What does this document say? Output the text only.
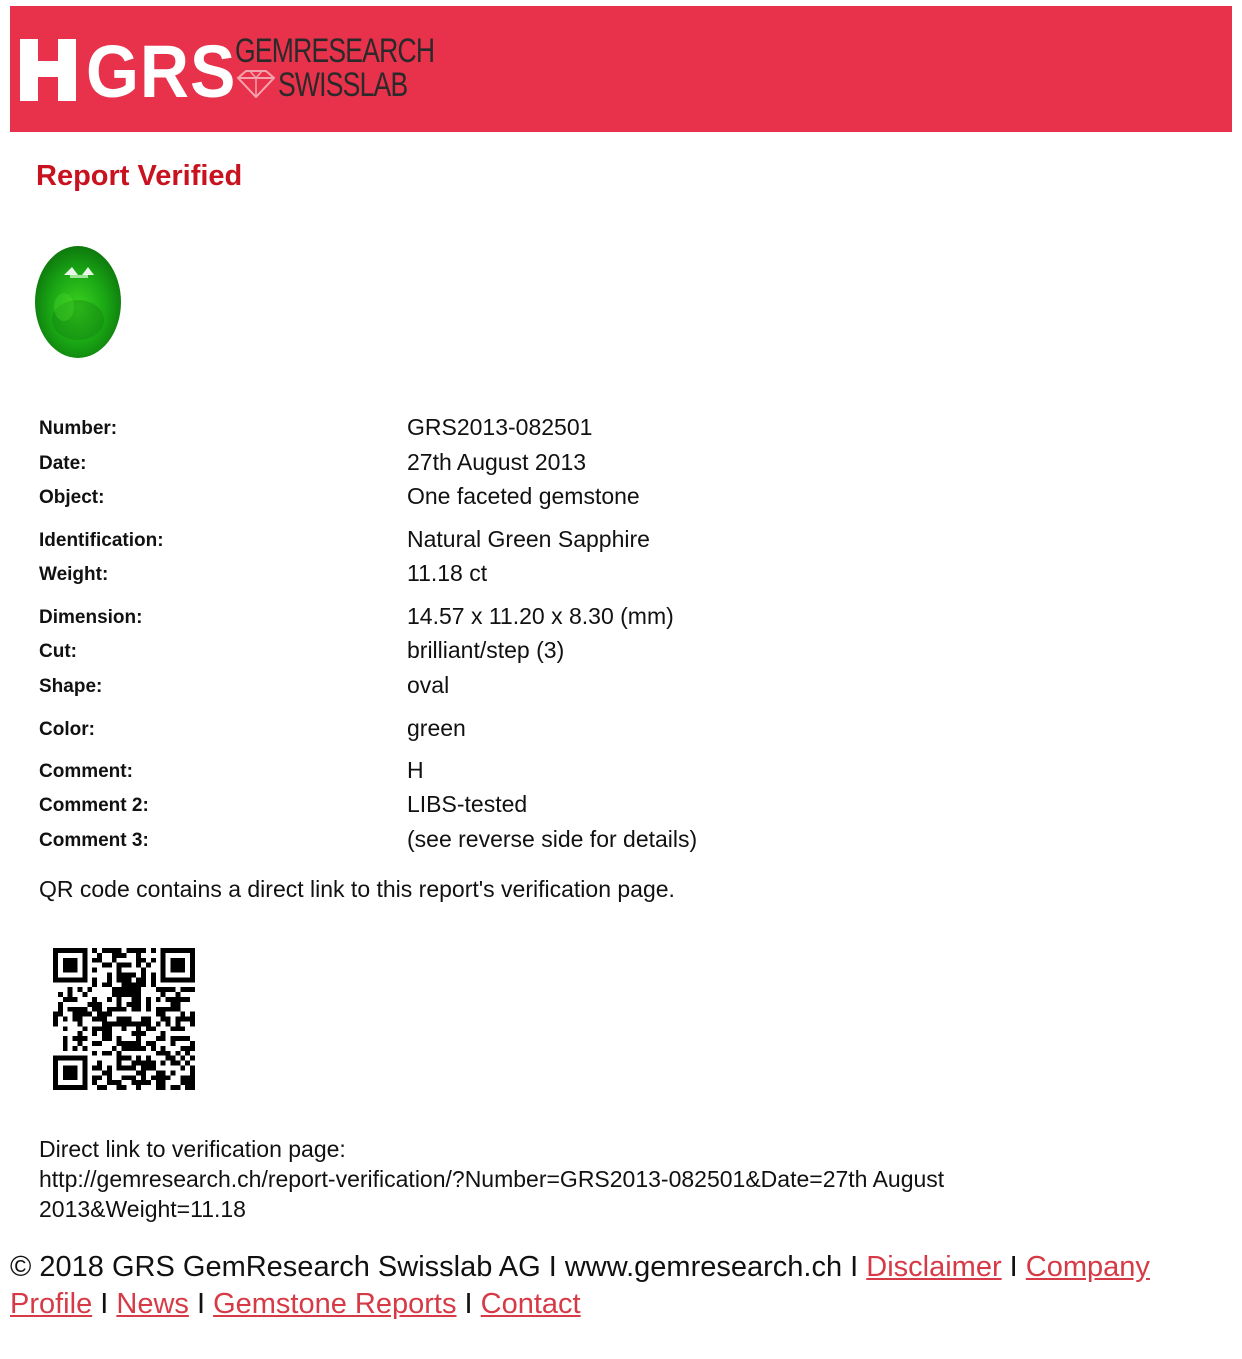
GRS
GEMRESEARCH
SWISSLAB
Report Verified
Number:	GRS2013-082501
Date:	27th August 2013
Object:	One faceted gemstone
Identification:	Natural Green Sapphire
Weight:	11.18 ct
Dimension:	14.57 x 11.20 x 8.30 (mm)
Cut:	brilliant/step (3)
Shape:	oval
Color:	green
Comment:	H
Comment 2:	LIBS-tested
Comment 3:	(see reverse side for details)
QR code contains a direct link to this report's verification page.
Direct link to verification page:
http://gemresearch.ch/report-verification/?Number=GRS2013-082501&Date=27th August
2013&Weight=11.18
© 2018 GRS GemResearch Swisslab AG I www.gemresearch.ch I Disclaimer I Company Profile I News I Gemstone Reports I Contact
